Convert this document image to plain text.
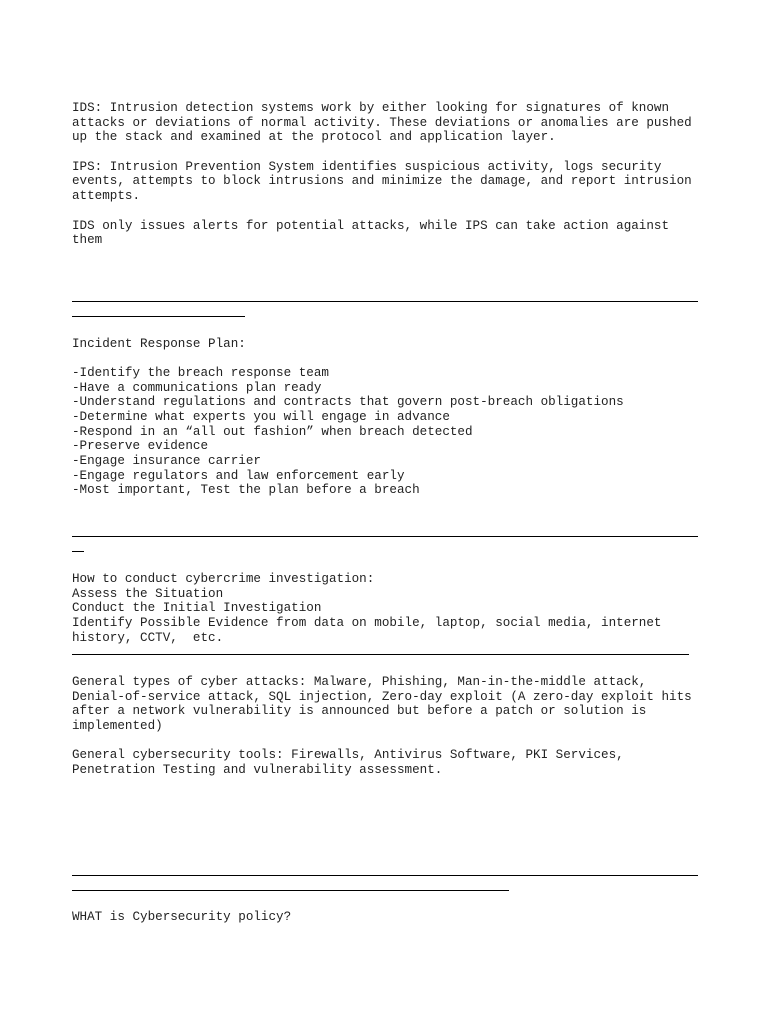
IDS: Intrusion detection systems work by either looking for signatures of known
attacks or deviations of normal activity. These deviations or anomalies are pushed
up the stack and examined at the protocol and application layer.
IPS: Intrusion Prevention System identifies suspicious activity, logs security
events, attempts to block intrusions and minimize the damage, and report intrusion
attempts.
IDS only issues alerts for potential attacks, while IPS can take action against
them
Incident Response Plan:
-Identify the breach response team
-Have a communications plan ready
-Understand regulations and contracts that govern post-breach obligations
-Determine what experts you will engage in advance
-Respond in an “all out fashion” when breach detected
-Preserve evidence
-Engage insurance carrier
-Engage regulators and law enforcement early
-Most important, Test the plan before a breach
How to conduct cybercrime investigation:
Assess the Situation
Conduct the Initial Investigation
Identify Possible Evidence from data on mobile, laptop, social media, internet
history, CCTV,  etc.
General types of cyber attacks: Malware, Phishing, Man-in-the-middle attack,
Denial-of-service attack, SQL injection, Zero-day exploit (A zero-day exploit hits
after a network vulnerability is announced but before a patch or solution is
implemented)
General cybersecurity tools: Firewalls, Antivirus Software, PKI Services,
Penetration Testing and vulnerability assessment.
WHAT is Cybersecurity policy?
